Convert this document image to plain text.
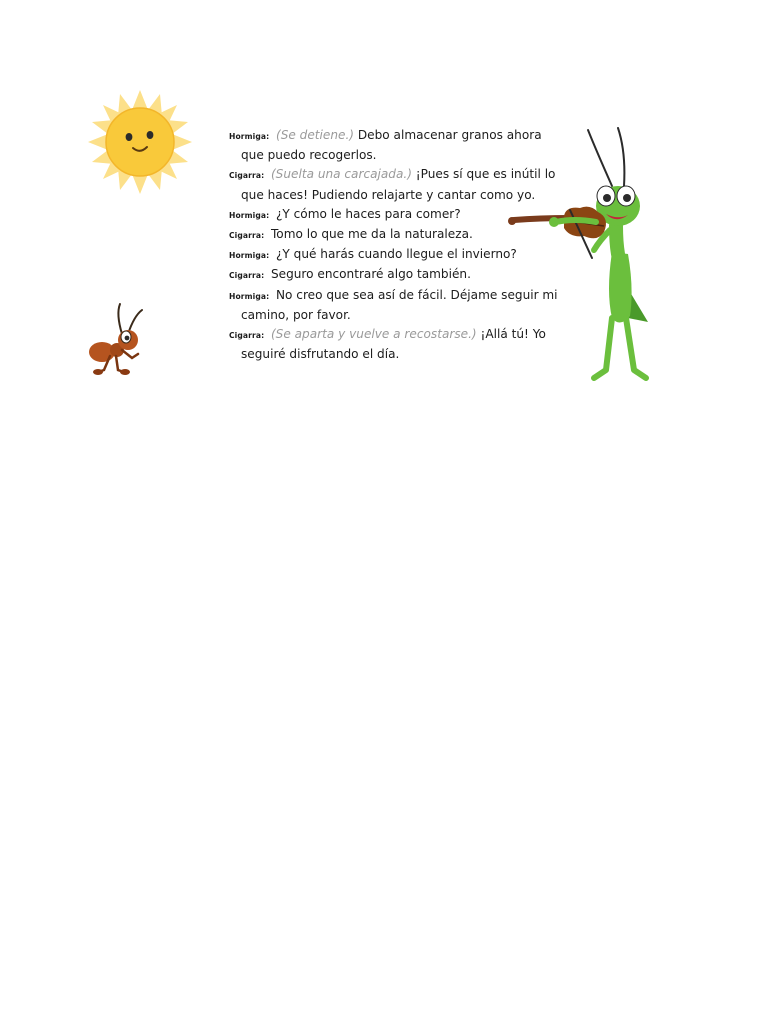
Hormiga: (Se detiene.) Debo almacenar granos ahora que puedo recogerlos.

Cigarra: (Suelta una carcajada.) ¡Pues sí que es inútil lo que haces! Pudiendo relajarte y cantar como yo.

Hormiga: ¿Y cómo le haces para comer?

Cigarra: Tomo lo que me da la naturaleza.

Hormiga: ¿Y qué harás cuando llegue el invierno?

Cigarra: Seguro encontraré algo también.

Hormiga: No creo que sea así de fácil. Déjame seguir mi camino, por favor.

Cigarra: (Se aparta y vuelve a recostarse.) ¡Allá tú! Yo seguiré disfrutando el día.
